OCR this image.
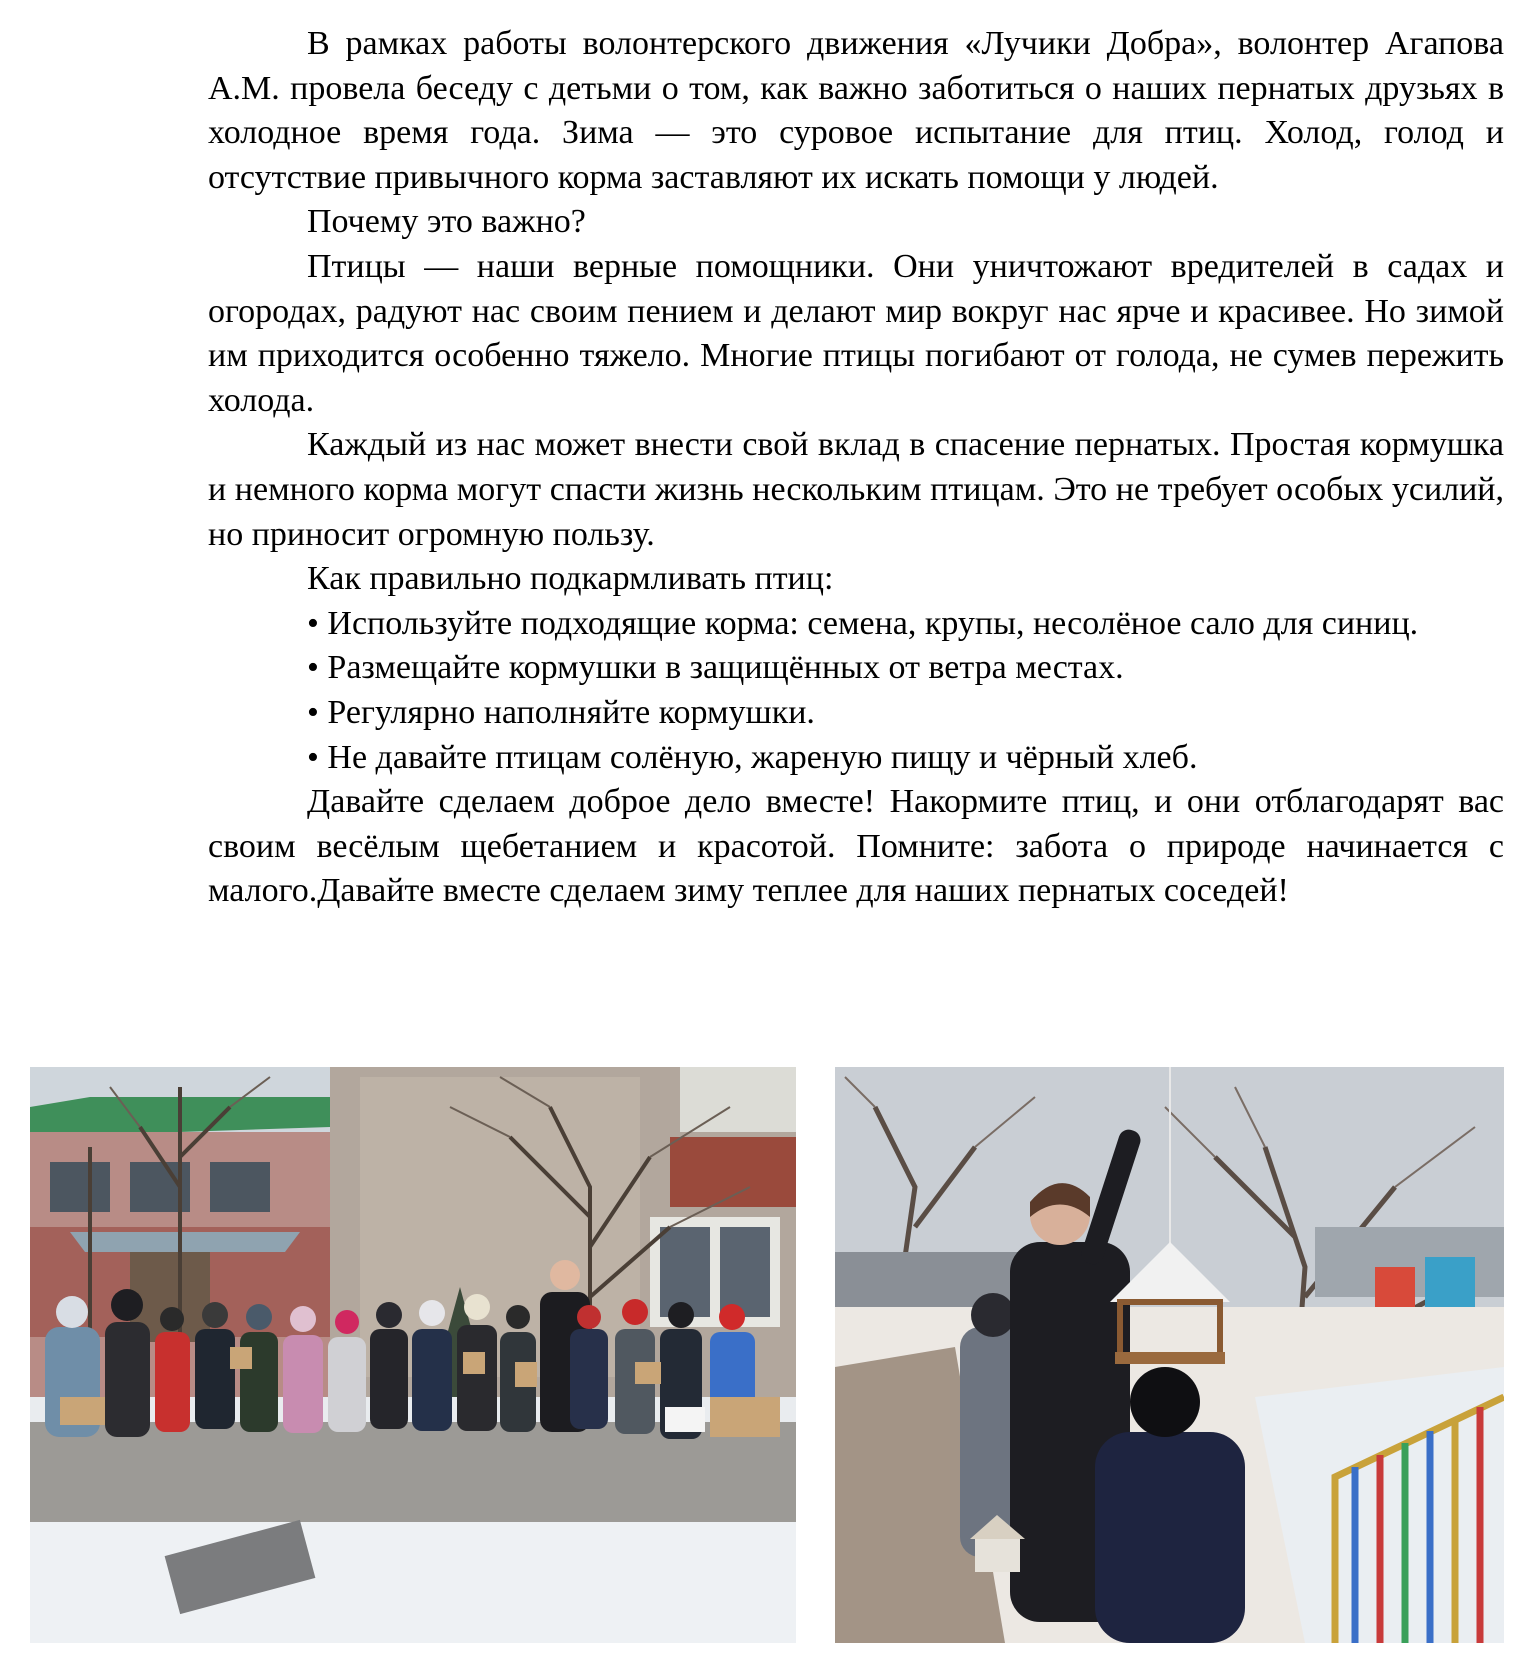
В рамках работы волонтерского движения «Лучики Добра», волонтер Агапова А.М. провела беседу с детьми о том, как важно заботиться о наших пернатых друзьях в холодное время года. Зима — это суровое испытание для птиц. Холод, голод и отсутствие привычного корма заставляют их искать помощи у людей.

Почему это важно?

Птицы — наши верные помощники. Они уничтожают вредителей в садах и огородах, радуют нас своим пением и делают мир вокруг нас ярче и красивее. Но зимой им приходится особенно тяжело. Многие птицы погибают от голода, не сумев пережить холода.

Каждый из нас может внести свой вклад в спасение пернатых. Простая кормушка и немного корма могут спасти жизнь нескольким птицам. Это не требует особых усилий, но приносит огромную пользу.

Как правильно подкармливать птиц:

• Используйте подходящие корма: семена, крупы, несолёное сало для синиц.

• Размещайте кормушки в защищённых от ветра местах.

• Регулярно наполняйте кормушки.

• Не давайте птицам солёную, жареную пищу и чёрный хлеб.

Давайте сделаем доброе дело вместе! Накормите птиц, и они отблагодарят вас своим весёлым щебетанием и красотой. Помните: забота о природе начинается с малого.Давайте вместе сделаем зиму теплее для наших пернатых соседей!
